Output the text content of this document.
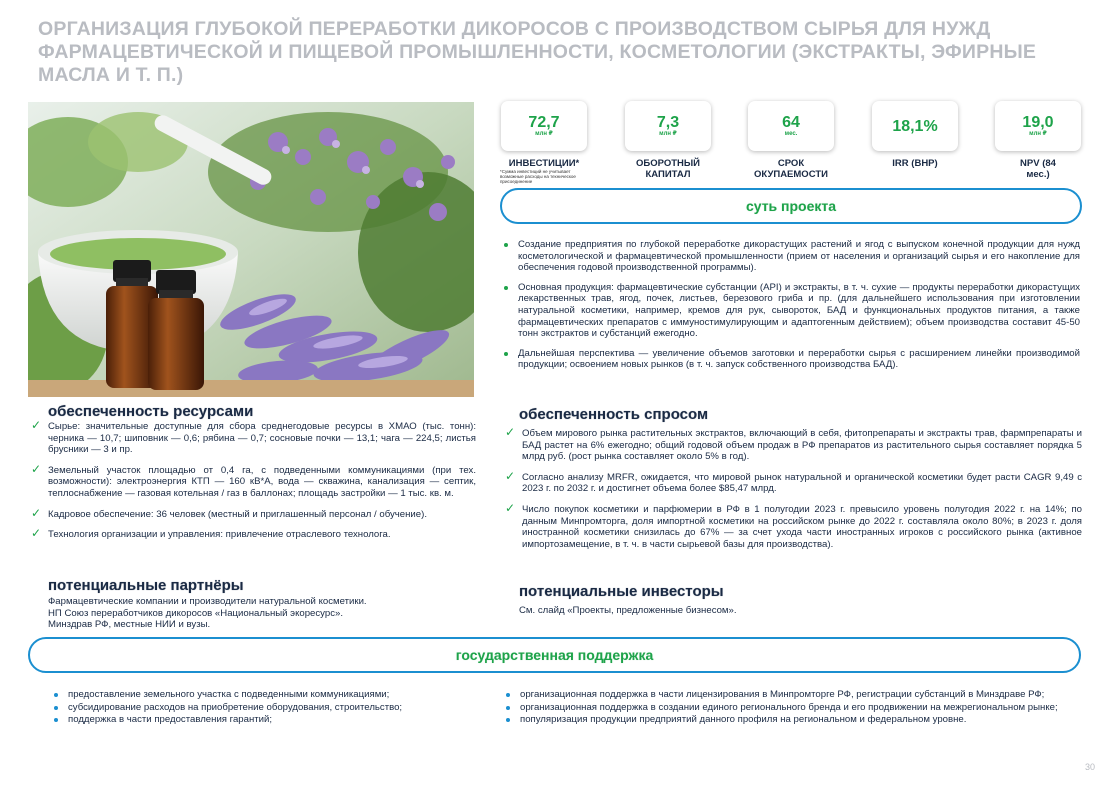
ОРГАНИЗАЦИЯ ГЛУБОКОЙ ПЕРЕРАБОТКИ ДИКОРОСОВ С ПРОИЗВОДСТВОМ СЫРЬЯ ДЛЯ НУЖД ФАРМАЦЕВТИЧЕСКОЙ И ПИЩЕВОЙ ПРОМЫШЛЕННОСТИ, КОСМЕТОЛОГИИ (ЭКСТРАКТЫ, ЭФИРНЫЕ МАСЛА И Т. П.)
72,7
млн ₽
ИНВЕСТИЦИИ*
*Сумма инвестиций не учитывает возможные расходы на техническое присоединение
7,3
млн ₽
ОБОРОТНЫЙ КАПИТАЛ
64
мес.
СРОК ОКУПАЕМОСТИ
18,1%
IRR (ВНР)
19,0
млн ₽
NPV (84 мес.)
суть проекта
Создание предприятия по глубокой переработке дикорастущих растений и ягод с выпуском конечной продукции для нужд косметологической и фармацевтической промышленности (прием от населения и организаций сырья и его накопление для обеспечения годовой производственной программы).
Основная продукция: фармацевтические субстанции (API) и экстракты, в т. ч. сухие — продукты переработки дикорастущих лекарственных трав, ягод, почек, листьев, березового гриба и пр. (для дальнейшего использования при изготовлении натуральной косметики, например, кремов для рук, сывороток, БАД и функциональных продуктов питания, а также фармацевтических препаратов с иммуностимулирующим и адаптогенным действием); объем производства составит 45-50 тонн экстрактов и субстанций ежегодно.
Дальнейшая перспектива — увеличение объемов заготовки и переработки сырья с расширением линейки производимой продукции; освоением новых рынков (в т. ч. запуск собственного производства БАД).
обеспеченность ресурсами
✓ Сырье: значительные доступные для сбора среднегодовые ресурсы в ХМАО (тыс. тонн): черника — 10,7; шиповник — 0,6; рябина — 0,7; сосновые почки — 13,1; чага — 224,5; листья брусники — 3 и пр.
✓ Земельный участок площадью от 0,4 га, с подведенными коммуникациями (при тех. возможности): электроэнергия КТП — 160 кВ*А, вода — скважина, канализация — септик, теплоснабжение — газовая котельная / газ в баллонах; площадь застройки — 1 тыс. кв. м.
✓ Кадровое обеспечение: 36 человек (местный и приглашенный персонал / обучение).
✓ Технология организации и управления: привлечение отраслевого технолога.
обеспеченность спросом
✓ Объем мирового рынка растительных экстрактов, включающий в себя, фитопрепараты и экстракты трав, фармпрепараты и БАД растет на 6% ежегодно; общий годовой объем продаж в РФ препаратов из растительного сырья составляет порядка 5 млрд руб. (рост рынка составляет около 5% в год).
✓ Согласно анализу MRFR, ожидается, что мировой рынок натуральной и органической косметики будет расти CAGR 9,49 с 2023 г. по 2032 г. и достигнет объема более $85,47 млрд.
✓ Число покупок косметики и парфюмерии в РФ в 1 полугодии 2023 г. превысило уровень полугодия 2022 г. на 14%; по данным Минпромторга, доля импортной косметики на российском рынке до 2022 г. составляла около 80%; в 2023 г. доля иностранной косметики снизилась до 67% — за счет ухода части иностранных игроков с российского рынка (активное импортозамещение, в т. ч. в части сырьевой базы для производства).
потенциальные партнёры
Фармацевтические компании и производители натуральной косметики.
НП Союз переработчиков дикоросов «Национальный экоресурс».
Минздрав РФ, местные НИИ и вузы.
потенциальные инвесторы
См. слайд «Проекты, предложенные бизнесом».
государственная поддержка
предоставление земельного участка с подведенными коммуникациями;
субсидирование расходов на приобретение оборудования, строительство;
поддержка в части предоставления гарантий;
организационная поддержка в части лицензирования в Минпромторге РФ, регистрации субстанций в Минздраве РФ;
организационная поддержка в создании единого регионального бренда и его продвижении на межрегиональном рынке;
популяризация продукции предприятий данного профиля на региональном и федеральном уровне.
30
